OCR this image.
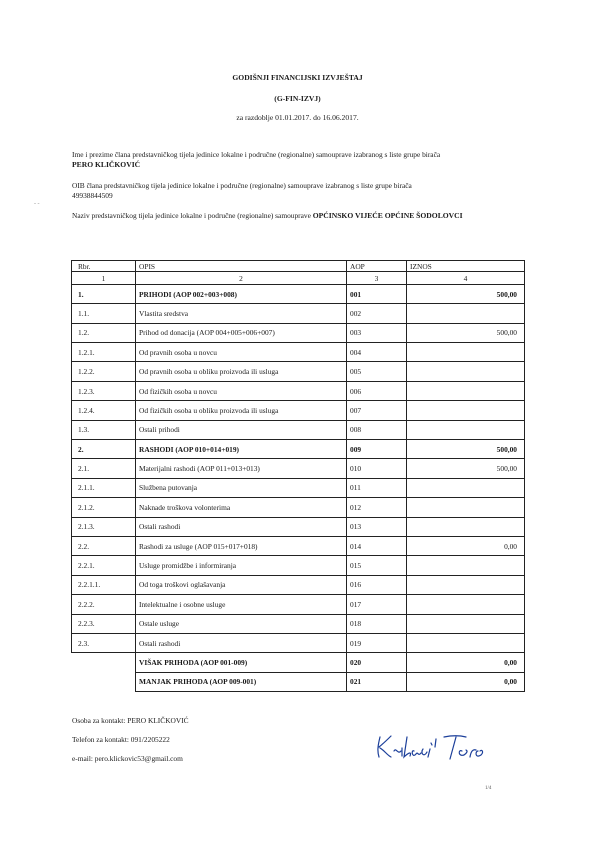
GODIŠNJI FINANCIJSKI IZVJEŠTAJ
(G-FIN-IZVJ)
za razdoblje 01.01.2017. do 16.06.2017.
Ime i prezime člana predstavničkog tijela jedinice lokalne i područne (regionalne) samouprave izabranog s liste grupe birača
PERO KLIČKOVIĆ
OIB člana predstavničkog tijela jedinice lokalne i područne (regionalne) samouprave izabranog s liste grupe birača
49938844509
- -
Naziv predstavničkog tijela jedinice lokalne i područne (regionalne) samouprave OPĆINSKO VIJEĆE OPĆINE ŠODOLOVCI
Rbr.	OPIS	AOP	IZNOS
1	2	3	4
1.	PRIHODI (AOP 002+003+008)	001	500,00
1.1.	Vlastita sredstva	002	
1.2.	Prihod od donacija (AOP 004+005+006+007)	003	500,00
1.2.1.	Od pravnih osoba u novcu	004	
1.2.2.	Od pravnih osoba u obliku proizvoda ili usluga	005	
1.2.3.	Od fizičkih osoba u novcu	006	
1.2.4.	Od fizičkih osoba u obliku proizvoda ili usluga	007	
1.3.	Ostali prihodi	008	
2.	RASHODI (AOP 010+014+019)	009	500,00
2.1.	Materijalni rashodi (AOP 011+013+013)	010	500,00
2.1.1.	Službena putovanja	011	
2.1.2.	Naknade troškova volonterima	012	
2.1.3.	Ostali rashodi	013	
2.2.	Rashodi za usluge (AOP 015+017+018)	014	0,00
2.2.1.	Usluge promidžbe i informiranja	015	
2.2.1.1.	Od toga troškovi oglašavanja	016	
2.2.2.	Intelektualne i osobne usluge	017	
2.2.3.	Ostale usluge	018	
2.3.	Ostali rashodi	019	
	VIŠAK PRIHODA (AOP 001-009)	020	0,00
	MANJAK PRIHODA (AOP 009-001)	021	0,00
Osoba za kontakt: PERO KLIČKOVIĆ
Telefon za kontakt: 091/2205222
e-mail: pero.klickovic53@gmail.com
1/4
